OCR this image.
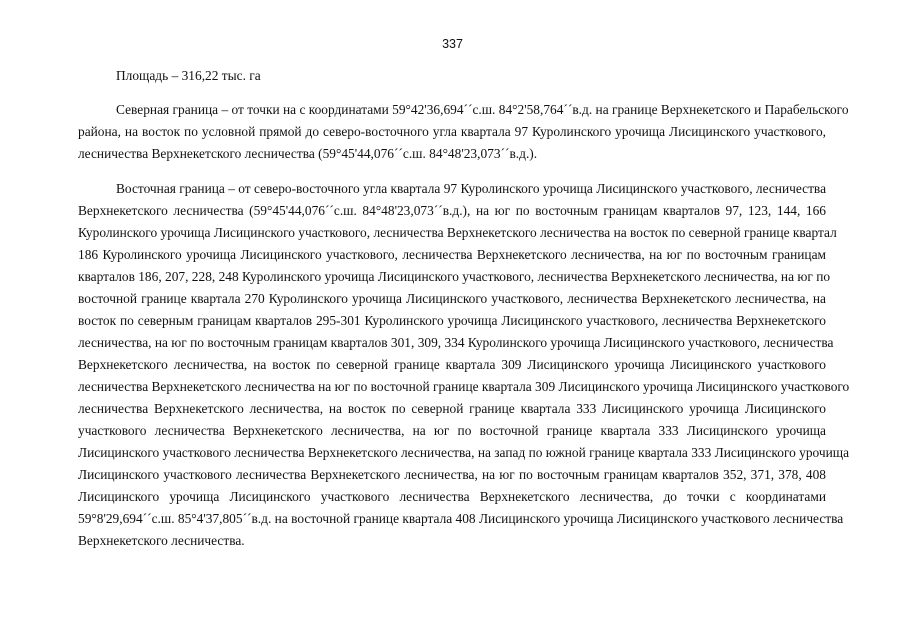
337
Площадь – 316,22 тыс. га
Северная граница – от точки на с координатами 59°42'36,694´´с.ш. 84°2'58,764´´в.д. на границе Верхнекетского и Парабельского
района, на восток по условной прямой до северо-восточного угла квартала 97 Куролинского урочища Лисицинского участкового,
лесничества Верхнекетского лесничества (59°45'44,076´´с.ш. 84°48'23,073´´в.д.).
Восточная граница – от северо-восточного угла квартала 97 Куролинского урочища Лисицинского участкового, лесничества
Верхнекетского лесничества (59°45'44,076´´с.ш. 84°48'23,073´´в.д.), на юг по восточным границам кварталов 97, 123, 144, 166
Куролинского урочища Лисицинского участкового, лесничества Верхнекетского лесничества на восток по северной границе квартал
186 Куролинского урочища Лисицинского участкового, лесничества Верхнекетского лесничества, на юг по восточным границам
кварталов 186, 207, 228, 248 Куролинского урочища Лисицинского участкового, лесничества Верхнекетского лесничества, на юг по
восточной границе квартала 270 Куролинского урочища Лисицинского участкового, лесничества Верхнекетского лесничества, на
восток по северным границам кварталов 295-301 Куролинского урочища Лисицинского участкового, лесничества Верхнекетского
лесничества, на юг по восточным границам кварталов 301, 309, 334 Куролинского урочища Лисицинского участкового, лесничества
Верхнекетского лесничества, на восток по северной границе квартала 309 Лисицинского урочища Лисицинского участкового
лесничества Верхнекетского лесничества на юг по восточной границе квартала 309 Лисицинского урочища Лисицинского участкового
лесничества Верхнекетского лесничества, на восток по северной границе квартала 333 Лисицинского урочища Лисицинского
участкового лесничества Верхнекетского лесничества, на юг по восточной границе квартала 333 Лисицинского урочища
Лисицинского участкового лесничества Верхнекетского лесничества, на запад по южной границе квартала 333 Лисицинского урочища
Лисицинского участкового лесничества Верхнекетского лесничества, на юг по восточным границам кварталов 352, 371, 378, 408
Лисицинского урочища Лисицинского участкового лесничества Верхнекетского лесничества, до точки с координатами
59°8'29,694´´с.ш. 85°4'37,805´´в.д. на восточной границе квартала 408 Лисицинского урочища Лисицинского участкового лесничества
Верхнекетского лесничества.
